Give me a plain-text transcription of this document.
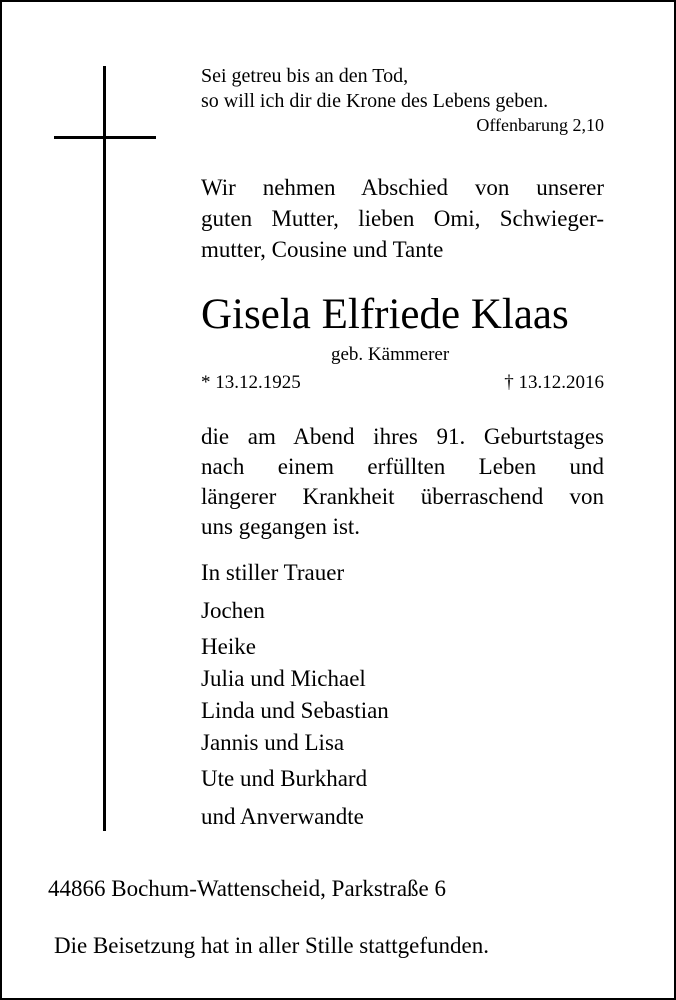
Sei getreu bis an den Tod,
so will ich dir die Krone des Lebens geben.
Offenbarung 2,10
Wir nehmen Abschied von unserer
guten Mutter, lieben Omi, Schwieger-
mutter, Cousine und Tante
Gisela Elfriede Klaas
geb. Kämmerer
* 13.12.1925	† 13.12.2016
die am Abend ihres 91. Geburtstages
nach einem erfüllten Leben und
längerer Krankheit überraschend von
uns gegangen ist.
In stiller Trauer
Jochen
Heike
Julia und Michael
Linda und Sebastian
Jannis und Lisa
Ute und Burkhard
und Anverwandte
44866 Bochum-Wattenscheid, Parkstraße 6
Die Beisetzung hat in aller Stille stattgefunden.
